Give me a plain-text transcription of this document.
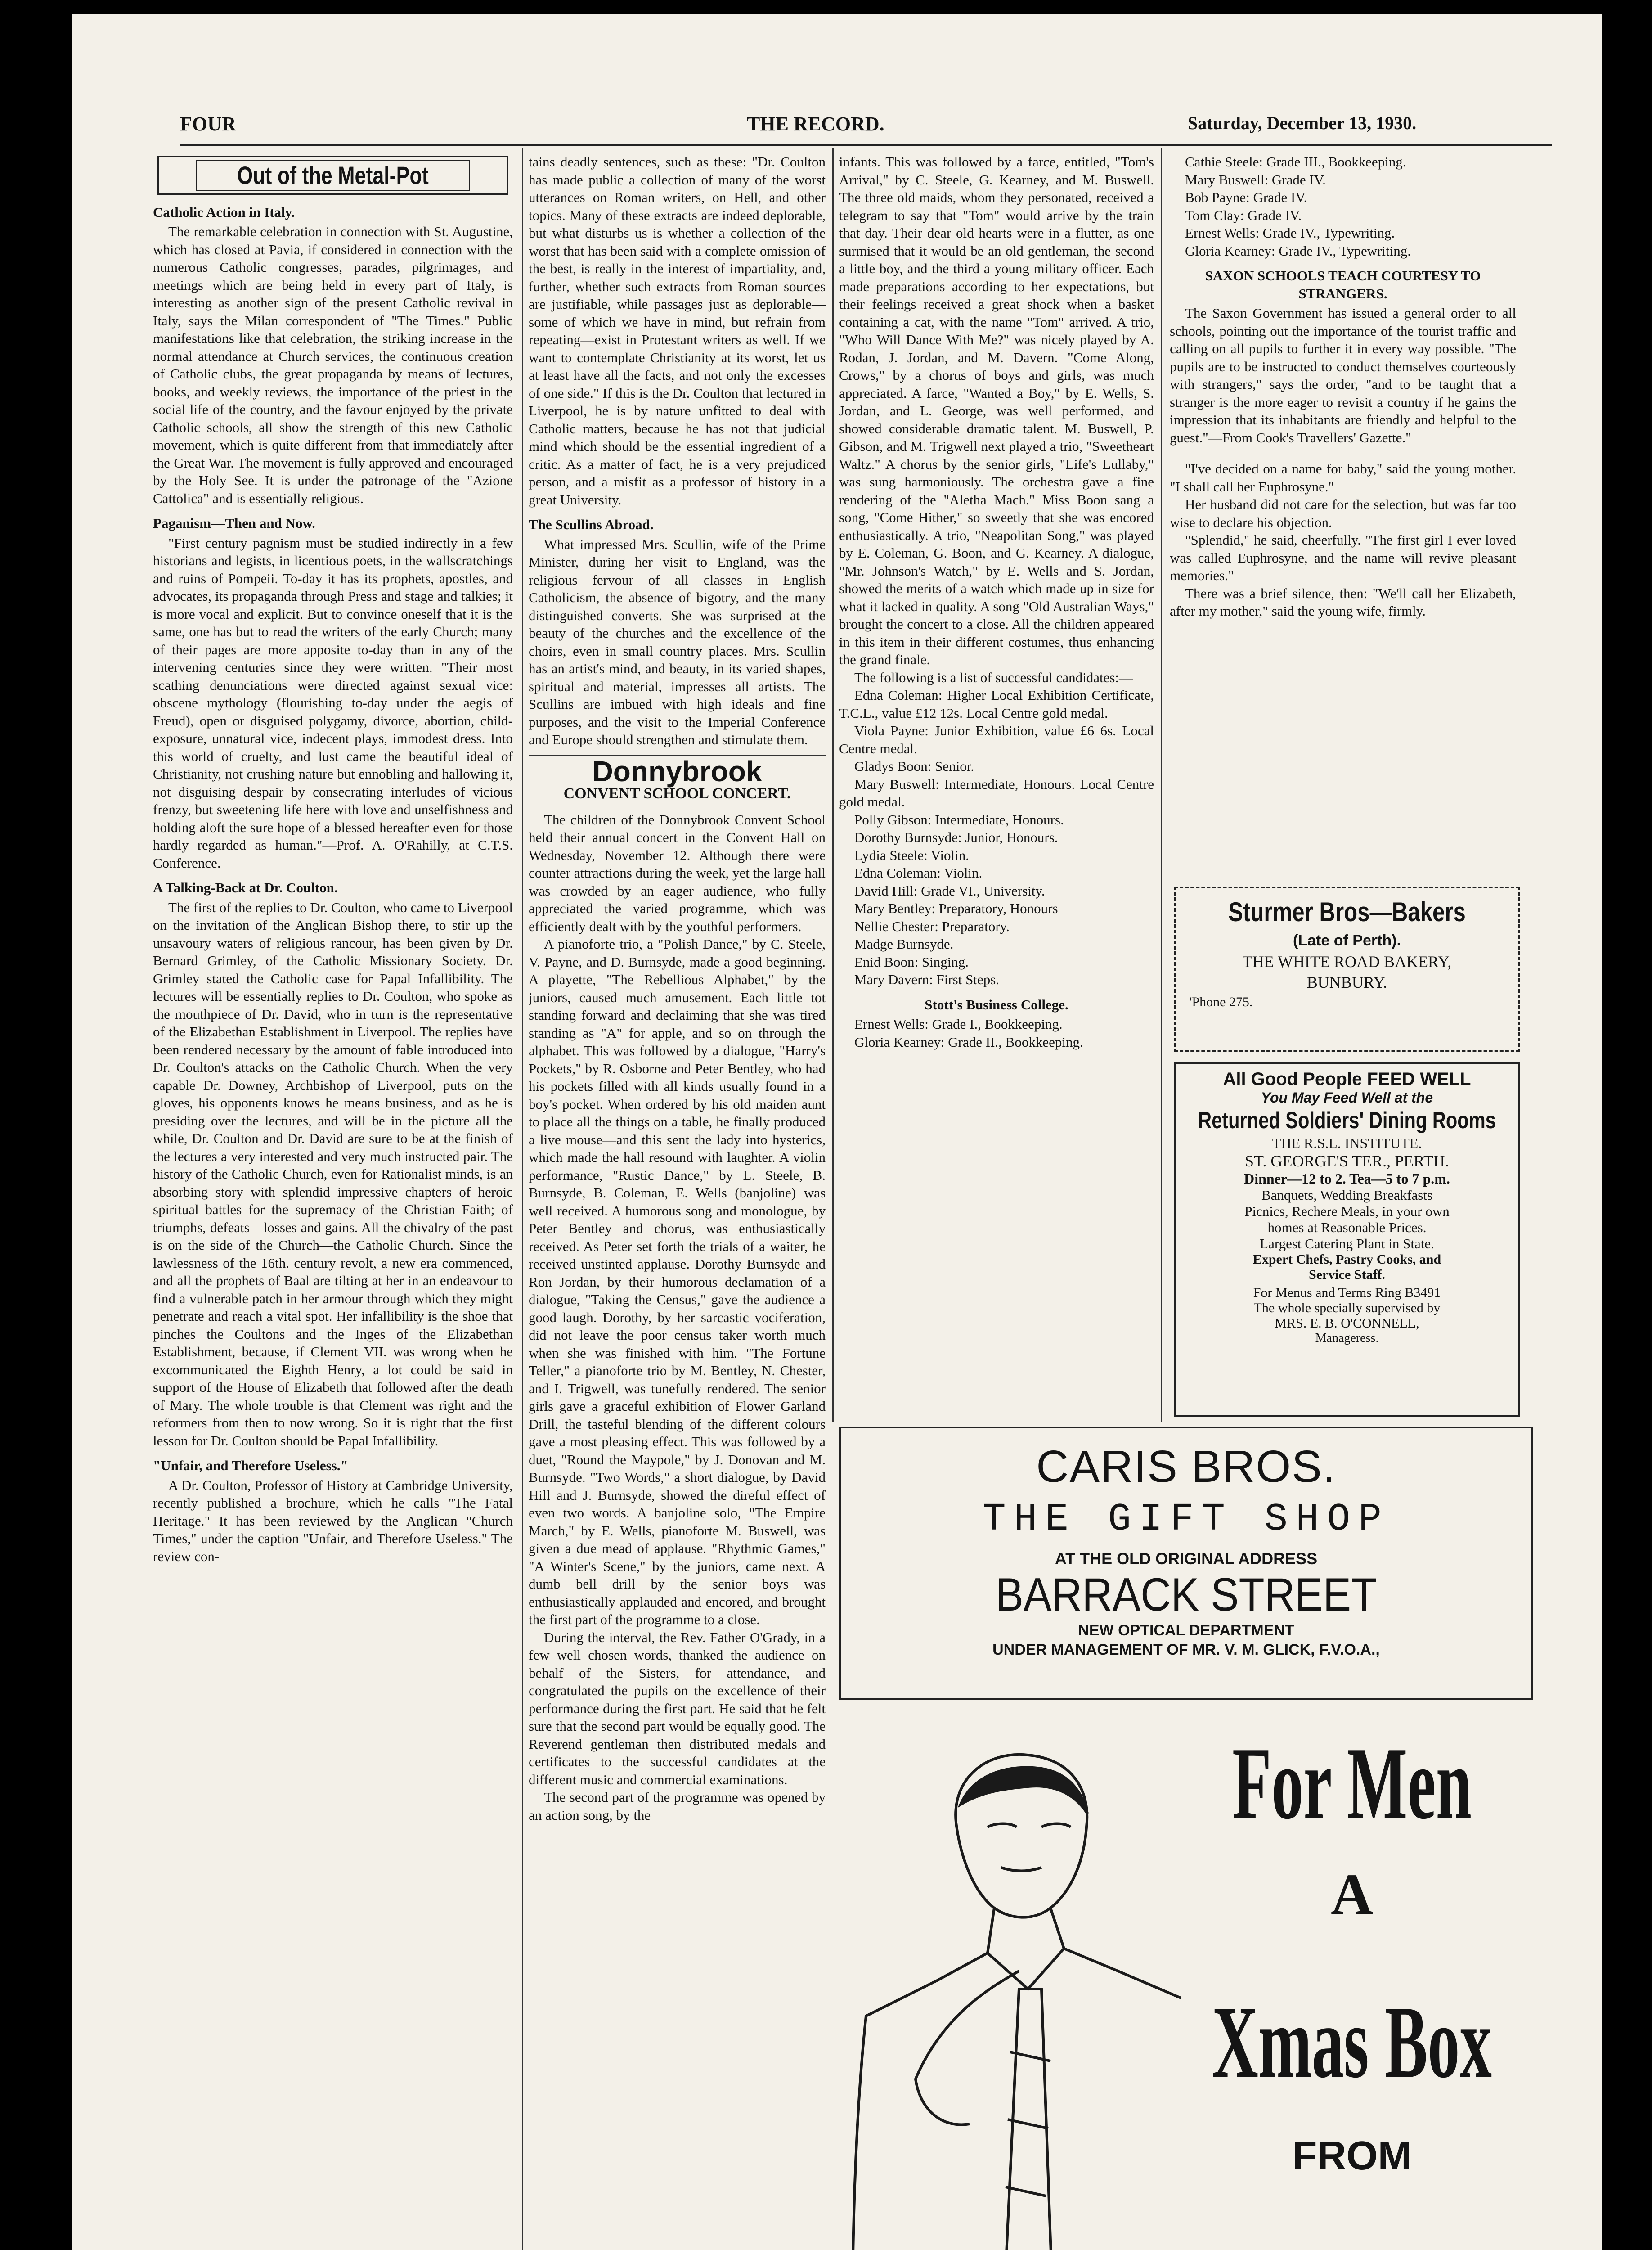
FOUR	THE RECORD.	Saturday, December 13, 1930.
Out of the Metal-Pot
Catholic Action in Italy.

The remarkable celebration in connection with St. Augustine, which has closed at Pavia, if considered in connection with the numerous Catholic congresses, parades, pilgrimages, and meetings which are being held in every part of Italy, is interesting as another sign of the present Catholic revival in Italy, says the Milan correspondent of "The Times." Public manifestations like that celebration, the striking increase in the normal attendance at Church services, the continuous creation of Catholic clubs, the great propaganda by means of lectures, books, and weekly reviews, the importance of the priest in the social life of the country, and the favour enjoyed by the private Catholic schools, all show the strength of this new Catholic movement, which is quite different from that immediately after the Great War. The movement is fully approved and encouraged by the Holy See. It is under the patronage of the "Azione Cattolica" and is essentially religious.

Paganism—Then and Now.

"First century pagnism must be studied indirectly in a few historians and legists, in licentious poets, in the wallscratchings and ruins of Pompeii. To-day it has its prophets, apostles, and advocates, its propaganda through Press and stage and talkies; it is more vocal and explicit. But to convince oneself that it is the same, one has but to read the writers of the early Church; many of their pages are more apposite to-day than in any of the intervening centuries since they were written. "Their most scathing denunciations were directed against sexual vice: obscene mythology (flourishing to-day under the aegis of Freud), open or disguised polygamy, divorce, abortion, child-exposure, unnatural vice, indecent plays, immodest dress. Into this world of cruelty, and lust came the beautiful ideal of Christianity, not crushing nature but ennobling and hallowing it, not disguising despair by consecrating interludes of vicious frenzy, but sweetening life here with love and unselfishness and holding aloft the sure hope of a blessed hereafter even for those hardly regarded as human."—Prof. A. O'Rahilly, at C.T.S. Conference.

A Talking-Back at Dr. Coulton.

The first of the replies to Dr. Coulton, who came to Liverpool on the invitation of the Anglican Bishop there, to stir up the unsavoury waters of religious rancour, has been given by Dr. Bernard Grimley, of the Catholic Missionary Society. Dr. Grimley stated the Catholic case for Papal Infallibility. The lectures will be essentially replies to Dr. Coulton, who spoke as the mouthpiece of Dr. David, who in turn is the representative of the Elizabethan Establishment in Liverpool. The replies have been rendered necessary by the amount of fable introduced into Dr. Coulton's attacks on the Catholic Church. When the very capable Dr. Downey, Archbishop of Liverpool, puts on the gloves, his opponents knows he means business, and as he is presiding over the lectures, and will be in the picture all the while, Dr. Coulton and Dr. David are sure to be at the finish of the lectures a very interested and very much instructed pair. The history of the Catholic Church, even for Rationalist minds, is an absorbing story with splendid impressive chapters of heroic spiritual battles for the supremacy of the Christian Faith; of triumphs, defeats—losses and gains. All the chivalry of the past is on the side of the Church—the Catholic Church. Since the lawlessness of the 16th. century revolt, a new era commenced, and all the prophets of Baal are tilting at her in an endeavour to find a vulnerable patch in her armour through which they might penetrate and reach a vital spot. Her infallibility is the shoe that pinches the Coultons and the Inges of the Elizabethan Establishment, because, if Clement VII. was wrong when he excommunicated the Eighth Henry, a lot could be said in support of the House of Elizabeth that followed after the death of Mary. The whole trouble is that Clement was right and the reformers from then to now wrong. So it is right that the first lesson for Dr. Coulton should be Papal Infallibility.

"Unfair, and Therefore Useless."

A Dr. Coulton, Professor of History at Cambridge University, recently published a brochure, which he calls "The Fatal Heritage." It has been reviewed by the Anglican "Church Times," under the caption "Unfair, and Therefore Useless." The review con-

tains deadly sentences, such as these: "Dr. Coulton has made public a collection of many of the worst utterances on Roman writers, on Hell, and other topics. Many of these extracts are indeed deplorable, but what disturbs us is whether a collection of the worst that has been said with a complete omission of the best, is really in the interest of impartiality, and, further, whether such extracts from Roman sources are justifiable, while passages just as deplorable—some of which we have in mind, but refrain from repeating—exist in Protestant writers as well. If we want to contemplate Christianity at its worst, let us at least have all the facts, and not only the excesses of one side." If this is the Dr. Coulton that lectured in Liverpool, he is by nature unfitted to deal with Catholic matters, because he has not that judicial mind which should be the essential ingredient of a critic. As a matter of fact, he is a very prejudiced person, and a misfit as a professor of history in a great University.

The Scullins Abroad.

What impressed Mrs. Scullin, wife of the Prime Minister, during her visit to England, was the religious fervour of all classes in English Catholicism, the absence of bigotry, and the many distinguished converts. She was surprised at the beauty of the churches and the excellence of the choirs, even in small country places. Mrs. Scullin has an artist's mind, and beauty, in its varied shapes, spiritual and material, impresses all artists. The Scullins are imbued with high ideals and fine purposes, and the visit to the Imperial Conference and Europe should strengthen and stimulate them.

Donnybrook
CONVENT SCHOOL CONCERT.

The children of the Donnybrook Convent School held their annual concert in the Convent Hall on Wednesday, November 12. Although there were counter attractions during the week, yet the large hall was crowded by an eager audience, who fully appreciated the varied programme, which was efficiently dealt with by the youthful performers.

A pianoforte trio, a "Polish Dance," by C. Steele, V. Payne, and D. Burnsyde, made a good beginning. A playette, "The Rebellious Alphabet," by the juniors, caused much amusement. Each little tot standing forward and declaiming that she was tired standing as "A" for apple, and so on through the alphabet. This was followed by a dialogue, "Harry's Pockets," by R. Osborne and Peter Bentley, who had his pockets filled with all kinds usually found in a boy's pocket. When ordered by his old maiden aunt to place all the things on a table, he finally produced a live mouse—and this sent the lady into hysterics, which made the hall resound with laughter. A violin performance, "Rustic Dance," by L. Steele, B. Burnsyde, B. Coleman, E. Wells (banjoline) was well received. A humorous song and monologue, by Peter Bentley and chorus, was enthusiastically received. As Peter set forth the trials of a waiter, he received unstinted applause. Dorothy Burnsyde and Ron Jordan, by their humorous declamation of a dialogue, "Taking the Census," gave the audience a good laugh. Dorothy, by her sarcastic vociferation, did not leave the poor census taker worth much when she was finished with him. "The Fortune Teller," a pianoforte trio by M. Bentley, N. Chester, and I. Trigwell, was tunefully rendered. The senior girls gave a graceful exhibition of Flower Garland Drill, the tasteful blending of the different colours gave a most pleasing effect. This was followed by a duet, "Round the Maypole," by J. Donovan and M. Burnsyde. "Two Words," a short dialogue, by David Hill and J. Burnsyde, showed the direful effect of even two words. A banjoline solo, "The Empire March," by E. Wells, pianoforte M. Buswell, was given a due mead of applause. "Rhythmic Games," "A Winter's Scene," by the juniors, came next. A dumb bell drill by the senior boys was enthusiastically applauded and encored, and brought the first part of the programme to a close.

During the interval, the Rev. Father O'Grady, in a few well chosen words, thanked the audience on behalf of the Sisters, for attendance, and congratulated the pupils on the excellence of their performance during the first part. He said that he felt sure that the second part would be equally good. The Reverend gentleman then distributed medals and certificates to the successful candidates at the different music and commercial examinations.

The second part of the programme was opened by an action song, by the

infants. This was followed by a farce, entitled, "Tom's Arrival," by C. Steele, G. Kearney, and M. Buswell. The three old maids, whom they personated, received a telegram to say that "Tom" would arrive by the train that day. Their dear old hearts were in a flutter, as one surmised that it would be an old gentleman, the second a little boy, and the third a young military officer. Each made preparations according to her expectations, but their feelings received a great shock when a basket containing a cat, with the name "Tom" arrived. A trio, "Who Will Dance With Me?" was nicely played by A. Rodan, J. Jordan, and M. Davern. "Come Along, Crows," by a chorus of boys and girls, was much appreciated. A farce, "Wanted a Boy," by E. Wells, S. Jordan, and L. George, was well performed, and showed considerable dramatic talent. M. Buswell, P. Gibson, and M. Trigwell next played a trio, "Sweetheart Waltz." A chorus by the senior girls, "Life's Lullaby," was sung harmoniously. The orchestra gave a fine rendering of the "Aletha Mach." Miss Boon sang a song, "Come Hither," so sweetly that she was encored enthusiastically. A trio, "Neapolitan Song," was played by E. Coleman, G. Boon, and G. Kearney. A dialogue, "Mr. Johnson's Watch," by E. Wells and S. Jordan, showed the merits of a watch which made up in size for what it lacked in quality. A song "Old Australian Ways," brought the concert to a close. All the children appeared in this item in their different costumes, thus enhancing the grand finale.

The following is a list of successful candidates:—

Edna Coleman: Higher Local Exhibition Certificate, T.C.L., value £12 12s. Local Centre gold medal.

Viola Payne: Junior Exhibition, value £6 6s. Local Centre medal.

Gladys Boon: Senior.

Mary Buswell: Intermediate, Honours. Local Centre gold medal.

Polly Gibson: Intermediate, Honours.

Dorothy Burnsyde: Junior, Honours.

Lydia Steele: Violin.

Edna Coleman: Violin.

David Hill: Grade VI., University.

Mary Bentley: Preparatory, Honours

Nellie Chester: Preparatory.

Madge Burnsyde.

Enid Boon: Singing.

Mary Davern: First Steps.

Stott's Business College.

Ernest Wells: Grade I., Bookkeeping.

Gloria Kearney: Grade II., Bookkeeping.

Cathie Steele: Grade III., Bookkeeping.

Mary Buswell: Grade IV.

Bob Payne: Grade IV.

Tom Clay: Grade IV.

Ernest Wells: Grade IV., Typewriting.

Gloria Kearney: Grade IV., Typewriting.

SAXON SCHOOLS TEACH COURTESY TO STRANGERS.

The Saxon Government has issued a general order to all schools, pointing out the importance of the tourist traffic and calling on all pupils to further it in every way possible. "The pupils are to be instructed to conduct themselves courteously with strangers," says the order, "and to be taught that a stranger is the more eager to revisit a country if he gains the impression that its inhabitants are friendly and helpful to the guest."—From Cook's Travellers' Gazette."

"I've decided on a name for baby," said the young mother. "I shall call her Euphrosyne."

Her husband did not care for the selection, but was far too wise to declare his objection.

"Splendid," he said, cheerfully. "The first girl I ever loved was called Euphrosyne, and the name will revive pleasant memories."

There was a brief silence, then: "We'll call her Elizabeth, after my mother," said the young wife, firmly.

Sturmer Bros—Bakers
(Late of Perth).
THE WHITE ROAD BAKERY,
BUNBURY.
'Phone 275.
All Good People FEED WELL
You May Feed Well at the
Returned Soldiers' Dining Rooms
THE R.S.L. INSTITUTE.
ST. GEORGE'S TER., PERTH.
Dinner—12 to 2. Tea—5 to 7 p.m.
Banquets, Wedding Breakfasts
Picnics, Rechere Meals, in your own
homes at Reasonable Prices.
Largest Catering Plant in State.
Expert Chefs, Pastry Cooks, and
Service Staff.
For Menus and Terms Ring B3491
The whole specially supervised by
MRS. E. B. O'CONNELL,
Manageress.
CARIS BROS.
THE GIFT SHOP
AT THE OLD ORIGINAL ADDRESS
BARRACK STREET
NEW OPTICAL DEPARTMENT
UNDER MANAGEMENT OF MR. V. M. GLICK, F.V.O.A.,
For Men
A
Xmas Box
FROM
